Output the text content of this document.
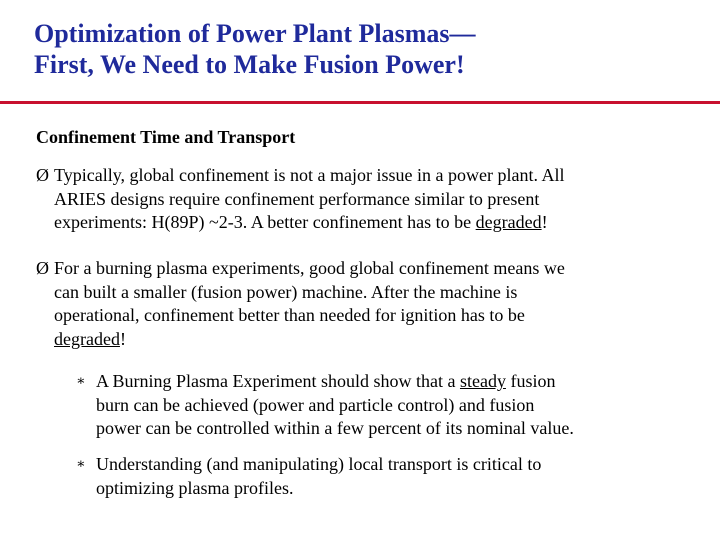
Optimization of Power Plant Plasmas—
First, We Need to Make Fusion Power!
Confinement Time and Transport
Ø Typically, global confinement is not a major issue in a power plant. All
ARIES designs require confinement performance similar to present
experiments: H(89P) ~2-3. A better confinement has to be degraded!
Ø For a burning plasma experiments, good global confinement means we
can built a smaller (fusion power) machine. After the machine is
operational, confinement better than needed for ignition has to be
degraded!
∗ A Burning Plasma Experiment should show that a steady fusion
burn can be achieved (power and particle control) and fusion
power can be controlled within a few percent of its nominal value.
∗ Understanding (and manipulating) local transport is critical to
optimizing plasma profiles.
